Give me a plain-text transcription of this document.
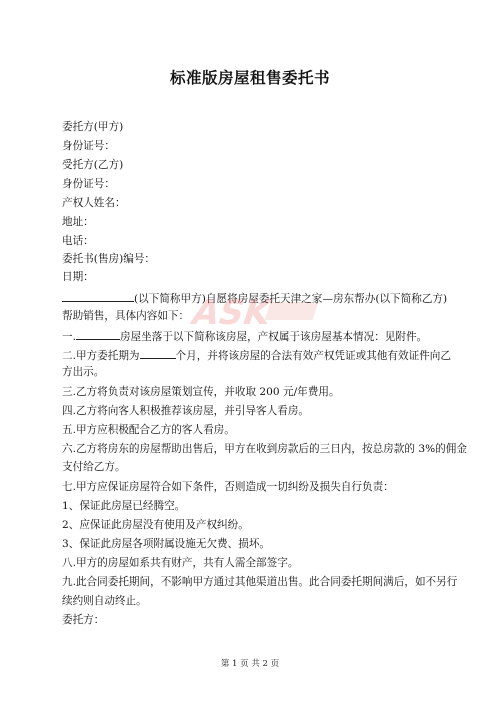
标准版房屋租售委托书
委托方(甲方)
身份证号：
受托方(乙方)
身份证号：
产权人姓名：
地址：
电话：
委托书(售房)编号：
日期：
(以下简称甲方)自愿将房屋委托天津之家—房东帮办(以下简称乙方)
帮助销售，具体内容如下：
一.	房屋坐落于以下简称该房屋，产权属于该房屋基本情况：见附件。
二.甲方委托期为	个月，并将该房屋的合法有效产权凭证或其他有效证件向乙
方出示。
三.乙方将负责对该房屋策划宣传，并收取 200 元/年费用。
四.乙方将向客人积极推荐该房屋，并引导客人看房。
五.甲方应积极配合乙方的客人看房。
六.乙方将房东的房屋帮助出售后，甲方在收到房款后的三日内，按总房款的 3%的佣金
支付给乙方。
七.甲方应保证房屋符合如下条件，否则造成一切纠纷及损失自行负责：
1、保证此房屋已经腾空。
2、应保证此房屋没有使用及产权纠纷。
3、保证此房屋各项附属设施无欠费、损坏。
八.甲方的房屋如系共有财产，共有人需全部签字。
九.此合同委托期间，不影响甲方通过其他渠道出售。此合同委托期间满后，如不另行
续约则自动终止。
委托方：
ASK
第 1 页 共 2 页
